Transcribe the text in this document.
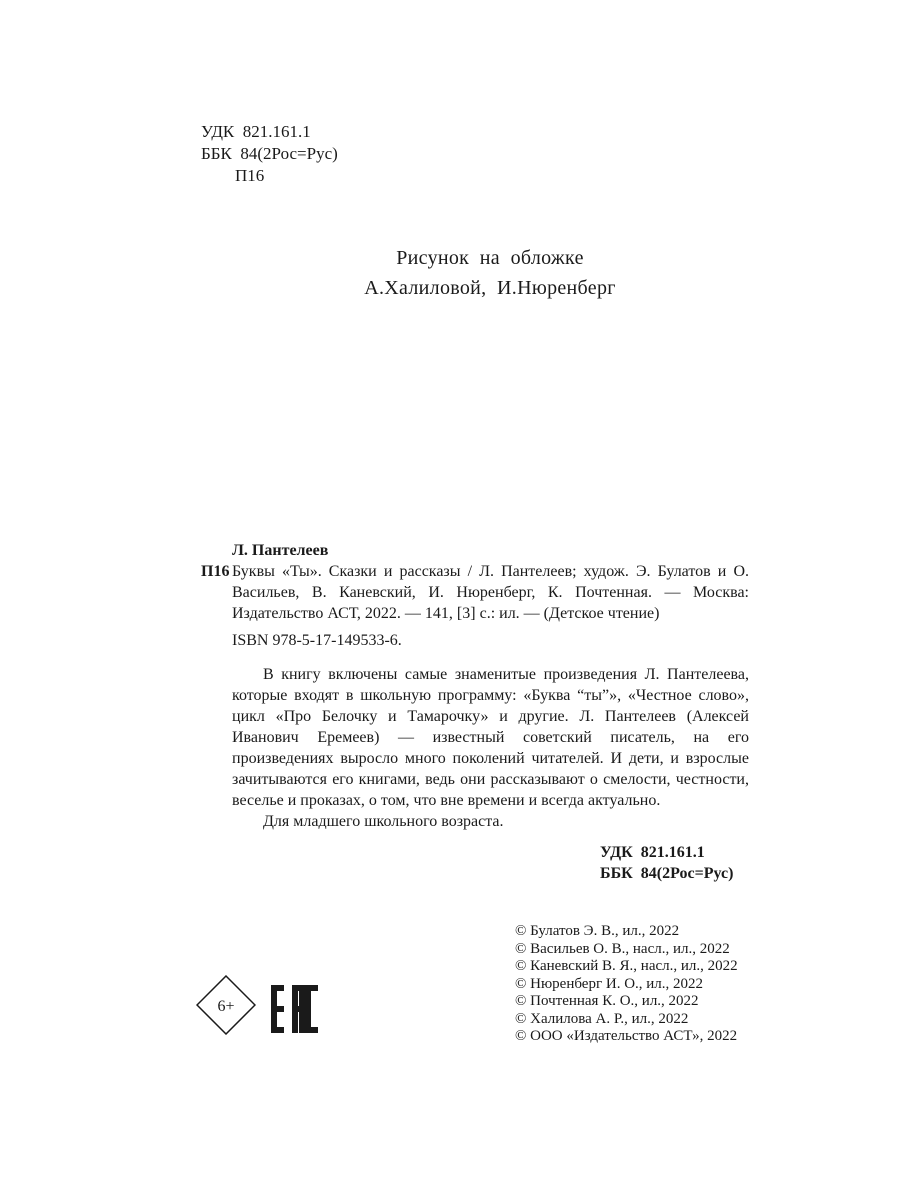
УДК 821.161.1
ББК 84(2Рос=Рус)
П16
Рисунок  на  обложке
А.Халиловой,  И.Нюренберг
Л. Пантелеев
П16 Буквы «Ты». Сказки и рассказы / Л. Пантелеев; худож. Э. Булатов и О. Васильев, В. Каневский, И. Нюренберг, К. Почтенная. — Москва: Издательство АСТ, 2022. — 141, [3] с.: ил. — (Детское чтение)
ISBN 978-5-17-149533-6.
В книгу включены самые знаменитые произведения Л. Пантелеева, которые входят в школьную программу: «Буква “ты”», «Честное слово», цикл «Про Белочку и Тамарочку» и другие. Л. Пантелеев (Алексей Иванович Еремеев) — известный советский писатель, на его произведениях выросло много поколений читателей. И дети, и взрослые зачитываются его книгами, ведь они рассказывают о смелости, честности, веселье и проказах, о том, что вне времени и всегда актуально.
Для младшего школьного возраста.
УДК 821.161.1
ББК 84(2Рос=Рус)
© Булатов Э. В., ил., 2022
© Васильев О. В., насл., ил., 2022
© Каневский В. Я., насл., ил., 2022
© Нюренберг И. О., ил., 2022
© Почтенная К. О., ил., 2022
© Халилова А. Р., ил., 2022
© ООО «Издательство АСТ», 2022
6+
